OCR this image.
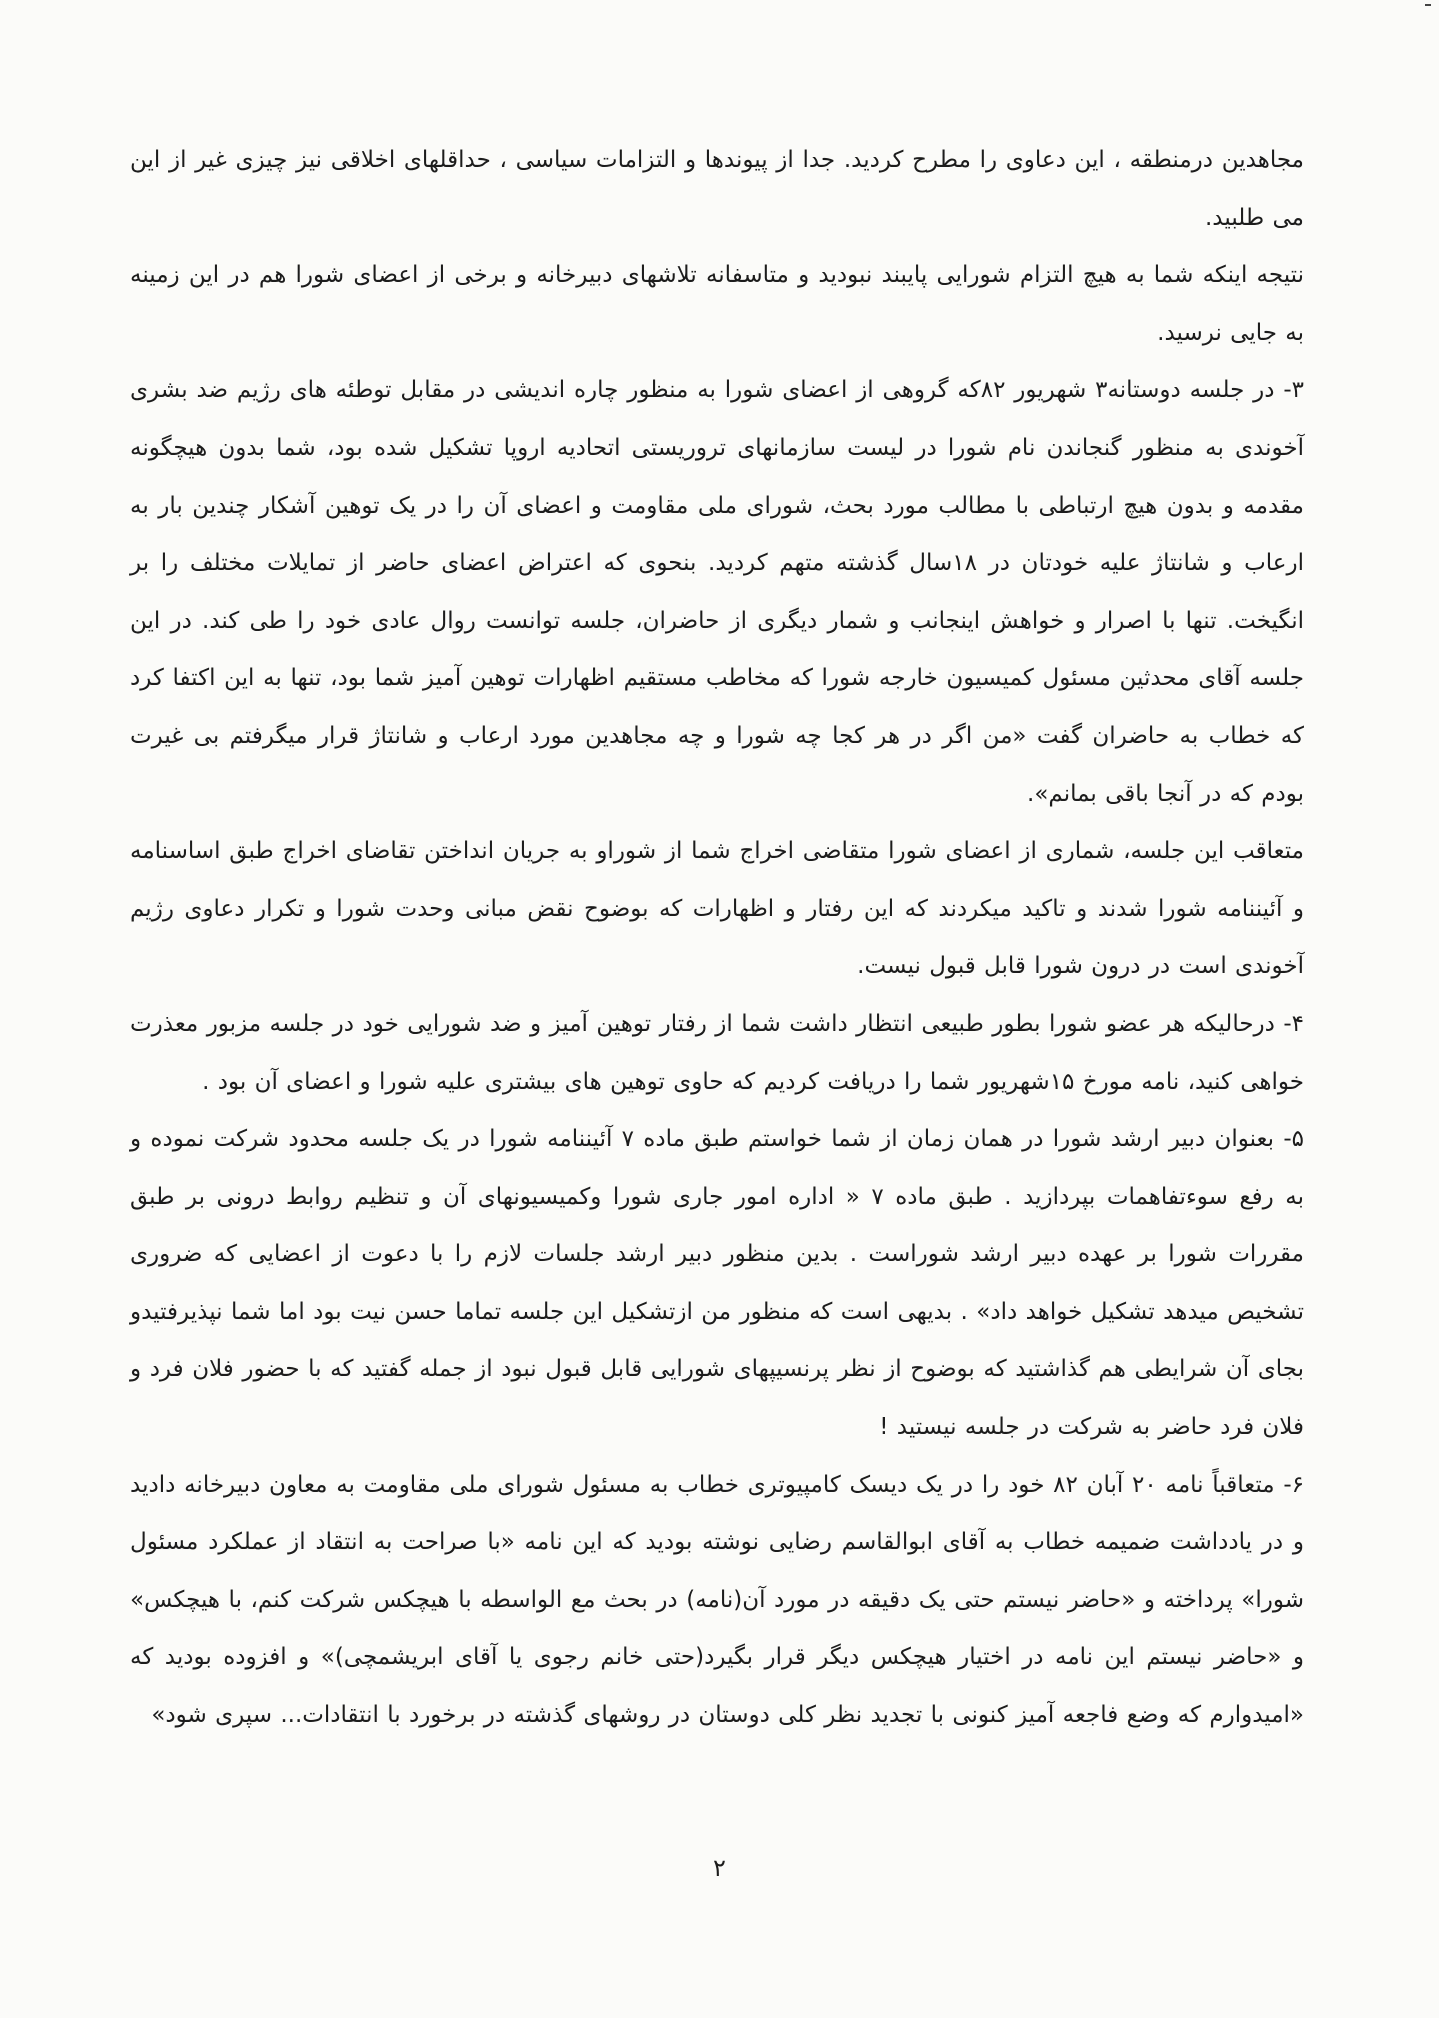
مجاهدین درمنطقه ، این دعاوی را مطرح کردید. جدا از پیوندها و التزامات سیاسی ، حداقلهای اخلاقی نیز چیزی غیر از این می طلبید.

نتیجه اینکه شما به هیچ التزام شورایی پایبند نبودید و متاسفانه تلاشهای دبیرخانه و برخی از اعضای شورا هم در این زمینه به جایی نرسید.

۳- در جلسه دوستانه۳ شهریور ۸۲که گروهی از اعضای شورا به منظور چاره اندیشی در مقابل توطئه های رژیم ضد بشری آخوندی به منظور گنجاندن نام شورا در لیست سازمانهای تروریستی اتحادیه اروپا تشکیل شده بود، شما بدون هیچگونه مقدمه و بدون هیچ ارتباطی با مطالب مورد بحث، شورای ملی مقاومت و اعضای آن را در یک توهین آشکار چندین بار به ارعاب و شانتاژ علیه خودتان در ۱۸سال گذشته متهم کردید. بنحوی که اعتراض اعضای حاضر از تمایلات مختلف را بر انگیخت. تنها با اصرار و خواهش اینجانب و شمار دیگری از حاضران، جلسه توانست روال عادی خود را طی کند. در این جلسه آقای محدثین مسئول کمیسیون خارجه شورا که مخاطب مستقیم اظهارات توهین آمیز شما بود، تنها به این اکتفا کرد که خطاب به حاضران گفت «من اگر در هر کجا چه شورا و چه مجاهدین مورد ارعاب و شانتاژ قرار میگرفتم بی غیرت بودم که در آنجا باقی بمانم».

متعاقب این جلسه، شماری از اعضای شورا متقاضی اخراج شما از شوراو به جریان انداختن تقاضای اخراج طبق اساسنامه و آئیننامه شورا شدند و تاکید میکردند که این رفتار و اظهارات که بوضوح نقض مبانی وحدت شورا و تکرار دعاوی رژیم آخوندی است در درون شورا قابل قبول نیست.

۴- درحالیکه هر عضو شورا بطور طبیعی انتظار داشت شما از رفتار توهین آمیز و ضد شورایی خود در جلسه مزبور معذرت خواهی کنید، نامه مورخ ۱۵شهریور شما را دریافت کردیم که حاوی توهین های بیشتری علیه شورا و اعضای آن بود .

۵- بعنوان دبیر ارشد شورا در همان زمان از شما خواستم طبق ماده ۷ آئیننامه شورا در یک جلسه محدود شرکت نموده و به رفع سوءتفاهمات بپردازید . طبق ماده ۷ « اداره امور جاری شورا وکمیسیونهای آن و تنظیم روابط درونی بر طبق مقررات شورا بر عهده دبیر ارشد شوراست . بدین منظور دبیر ارشد جلسات لازم را با دعوت از اعضایی که ضروری تشخیص میدهد تشکیل خواهد داد» . بدیهی است که منظور من ازتشکیل این جلسه تماما حسن نیت بود اما شما نپذیرفتیدو بجای آن شرایطی هم گذاشتید که بوضوح از نظر پرنسیپهای شورایی قابل قبول نبود از جمله گفتید که با حضور فلان فرد و فلان فرد حاضر به شرکت در جلسه نیستید !

۶- متعاقباً نامه ۲۰ آبان ۸۲ خود را در یک دیسک کامپیوتری خطاب به مسئول شورای ملی مقاومت به معاون دبیرخانه دادید و در یادداشت ضمیمه خطاب به آقای ابوالقاسم رضایی نوشته بودید که این نامه «با صراحت به انتقاد از عملکرد مسئول شورا» پرداخته و «حاضر نیستم حتی یک دقیقه در مورد آن(نامه) در بحث مع الواسطه با هیچکس شرکت کنم، با هیچکس» و «حاضر نیستم این نامه در اختیار هیچکس دیگر قرار بگیرد(حتی خانم رجوی یا آقای ابریشمچی)» و افزوده بودید که «امیدوارم که وضع فاجعه آمیز کنونی با تجدید نظر کلی دوستان در روشهای گذشته در برخورد با انتقادات... سپری شود»

۲
